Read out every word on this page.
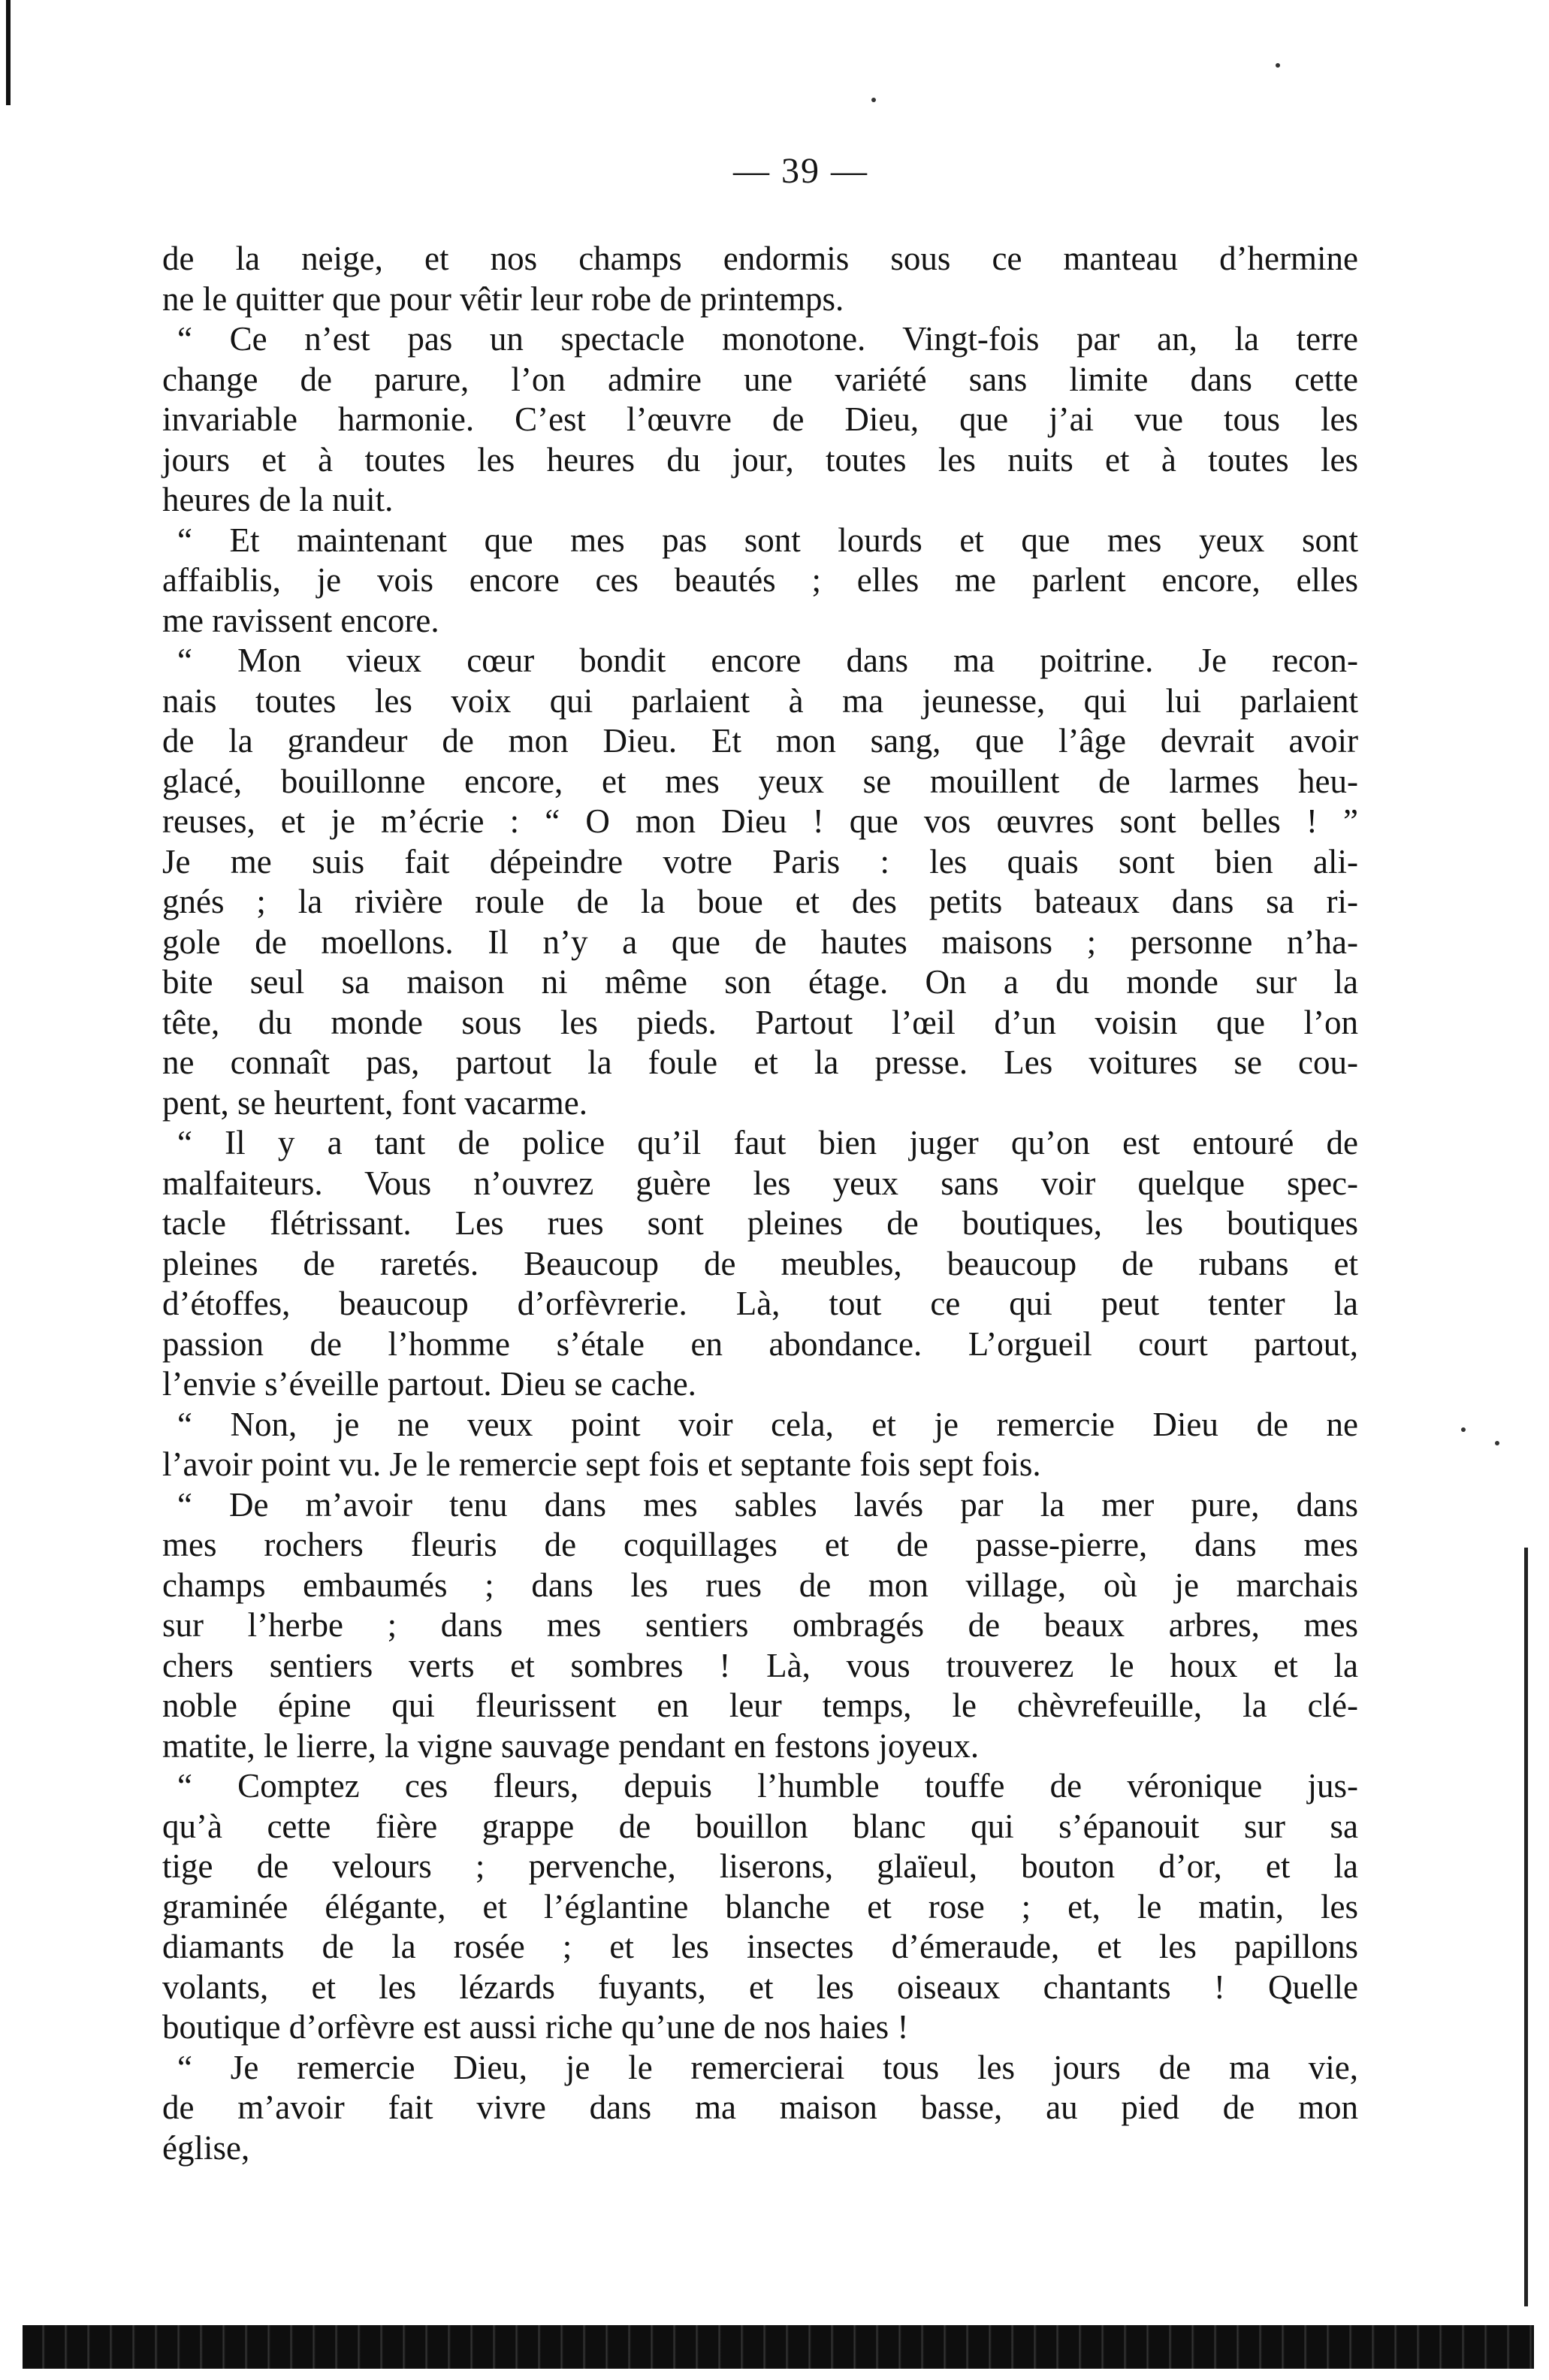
— 39 —
de la neige, et nos champs endormis sous ce manteau d’hermine
ne le quitter que pour vêtir leur robe de printemps.
“ Ce n’est pas un spectacle monotone. Vingt-fois par an, la terre
change de parure, l’on admire une variété sans limite dans cette
invariable harmonie. C’est l’œuvre de Dieu, que j’ai vue tous les
jours et à toutes les heures du jour, toutes les nuits et à toutes les
heures de la nuit.
“ Et maintenant que mes pas sont lourds et que mes yeux sont
affaiblis, je vois encore ces beautés ; elles me parlent encore, elles
me ravissent encore.
“ Mon vieux cœur bondit encore dans ma poitrine. Je recon-
nais toutes les voix qui parlaient à ma jeunesse, qui lui parlaient
de la grandeur de mon Dieu. Et mon sang, que l’âge devrait avoir
glacé, bouillonne encore, et mes yeux se mouillent de larmes heu-
reuses, et je m’écrie : “ O mon Dieu ! que vos œuvres sont belles ! ”
Je me suis fait dépeindre votre Paris : les quais sont bien ali-
gnés ; la rivière roule de la boue et des petits bateaux dans sa ri-
gole de moellons. Il n’y a que de hautes maisons ; personne n’ha-
bite seul sa maison ni même son étage. On a du monde sur la
tête, du monde sous les pieds. Partout l’œil d’un voisin que l’on
ne connaît pas, partout la foule et la presse. Les voitures se cou-
pent, se heurtent, font vacarme.
“ Il y a tant de police qu’il faut bien juger qu’on est entouré de
malfaiteurs. Vous n’ouvrez guère les yeux sans voir quelque spec-
tacle flétrissant. Les rues sont pleines de boutiques, les boutiques
pleines de raretés. Beaucoup de meubles, beaucoup de rubans et
d’étoffes, beaucoup d’orfèvrerie. Là, tout ce qui peut tenter la
passion de l’homme s’étale en abondance. L’orgueil court partout,
l’envie s’éveille partout. Dieu se cache.
“ Non, je ne veux point voir cela, et je remercie Dieu de ne
l’avoir point vu. Je le remercie sept fois et septante fois sept fois.
“ De m’avoir tenu dans mes sables lavés par la mer pure, dans
mes rochers fleuris de coquillages et de passe-pierre, dans mes
champs embaumés ; dans les rues de mon village, où je marchais
sur l’herbe ; dans mes sentiers ombragés de beaux arbres, mes
chers sentiers verts et sombres ! Là, vous trouverez le houx et la
noble épine qui fleurissent en leur temps, le chèvrefeuille, la clé-
matite, le lierre, la vigne sauvage pendant en festons joyeux.
“ Comptez ces fleurs, depuis l’humble touffe de véronique jus-
qu’à cette fière grappe de bouillon blanc qui s’épanouit sur sa
tige de velours ; pervenche, liserons, glaïeul, bouton d’or, et la
graminée élégante, et l’églantine blanche et rose ; et, le matin, les
diamants de la rosée ; et les insectes d’émeraude, et les papillons
volants, et les lézards fuyants, et les oiseaux chantants ! Quelle
boutique d’orfèvre est aussi riche qu’une de nos haies !
“ Je remercie Dieu, je le remercierai tous les jours de ma vie,
de m’avoir fait vivre dans ma maison basse, au pied de mon
église,
